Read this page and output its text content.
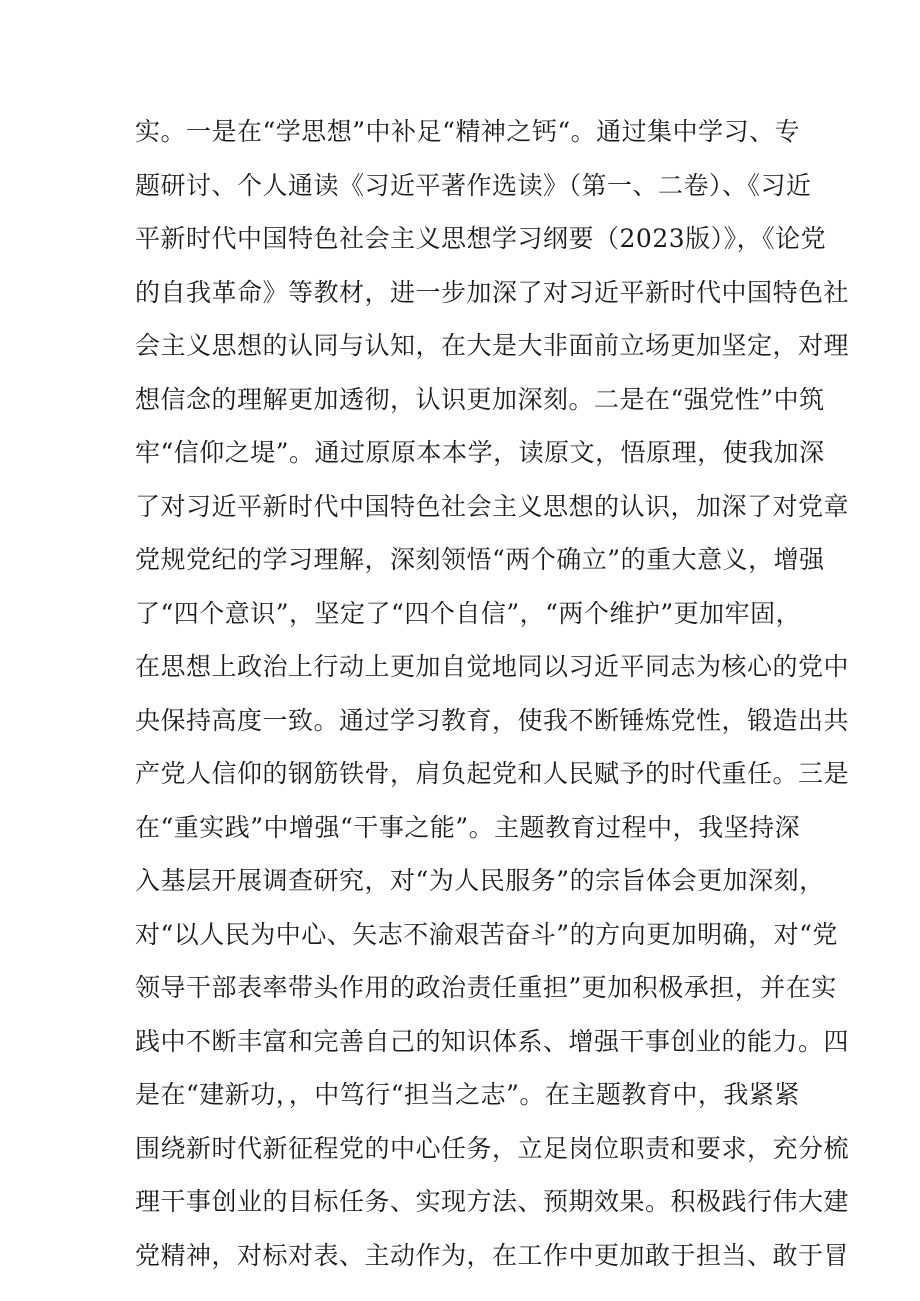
实。一是在“学思想”中补足“精神之钙“。通过集中学习、专
题研讨、个人通读《习近平著作选读》（第一、二卷）、《习近
平新时代中国特色社会主义思想学习纲要（2023版）》，《论党
的自我革命》等教材，进一步加深了对习近平新时代中国特色社
会主义思想的认同与认知，在大是大非面前立场更加坚定，对理
想信念的理解更加透彻，认识更加深刻。二是在“强党性”中筑
牢“信仰之堤”。通过原原本本学，读原文，悟原理，使我加深
了对习近平新时代中国特色社会主义思想的认识，加深了对党章
党规党纪的学习理解，深刻领悟“两个确立”的重大意义，增强
了“四个意识”，坚定了“四个自信”，“两个维护”更加牢固，
在思想上政治上行动上更加自觉地同以习近平同志为核心的党中
央保持高度一致。通过学习教育，使我不断锤炼党性，锻造出共
产党人信仰的钢筋铁骨，肩负起党和人民赋予的时代重任。三是
在“重实践”中增强“干事之能”。主题教育过程中，我坚持深
入基层开展调查研究，对“为人民服务”的宗旨体会更加深刻，
对“以人民为中心、矢志不渝艰苦奋斗”的方向更加明确，对“党
领导干部表率带头作用的政治责任重担”更加积极承担，并在实
践中不断丰富和完善自己的知识体系、增强干事创业的能力。四
是在“建新功，，中笃行“担当之志”。在主题教育中，我紧紧
围绕新时代新征程党的中心任务，立足岗位职责和要求，充分梳
理干事创业的目标任务、实现方法、预期效果。积极践行伟大建
党精神，对标对表、主动作为，在工作中更加敢于担当、敢于冒
